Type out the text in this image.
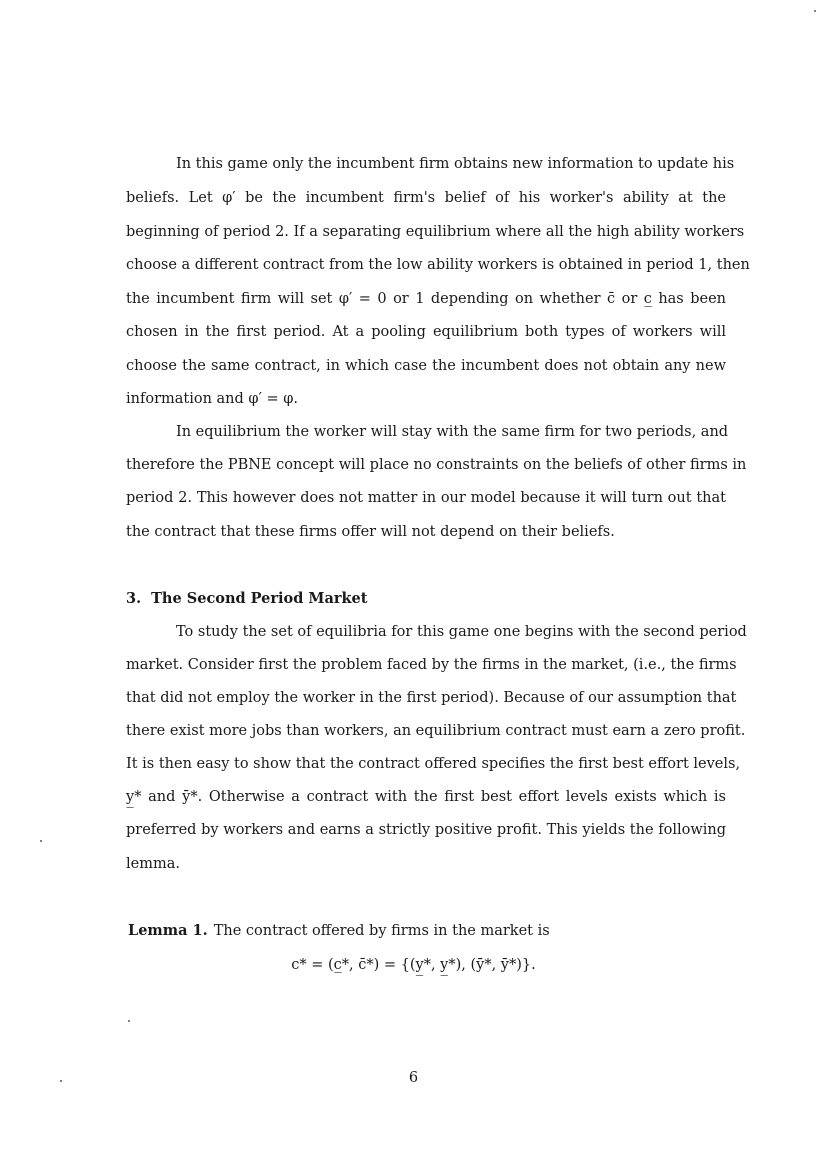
In this game only the incumbent firm obtains new information to update his
beliefs. Let φ′ be the incumbent firm's belief of his worker's ability at the
beginning of period 2. If a separating equilibrium where all the high ability workers
choose a different contract from the low ability workers is obtained in period 1, then
the incumbent firm will set φ′ = 0 or 1 depending on whether c̄ or c̲ has been
chosen in the first period. At a pooling equilibrium both types of workers will
choose the same contract, in which case the incumbent does not obtain any new
information and φ′ = φ.
In equilibrium the worker will stay with the same firm for two periods, and
therefore the PBNE concept will place no constraints on the beliefs of other firms in
period 2. This however does not matter in our model because it will turn out that
the contract that these firms offer will not depend on their beliefs.
3. The Second Period Market
To study the set of equilibria for this game one begins with the second period
market. Consider first the problem faced by the firms in the market, (i.e., the firms
that did not employ the worker in the first period). Because of our assumption that
there exist more jobs than workers, an equilibrium contract must earn a zero profit.
It is then easy to show that the contract offered specifies the first best effort levels,
y̲* and ȳ*. Otherwise a contract with the first best effort levels exists which is
preferred by workers and earns a strictly positive profit. This yields the following
lemma.
Lemma 1. The contract offered by firms in the market is
c* = (c̲*, c̄*) = {(y̲*, y̲*), (ȳ*, ȳ*)}.
6
